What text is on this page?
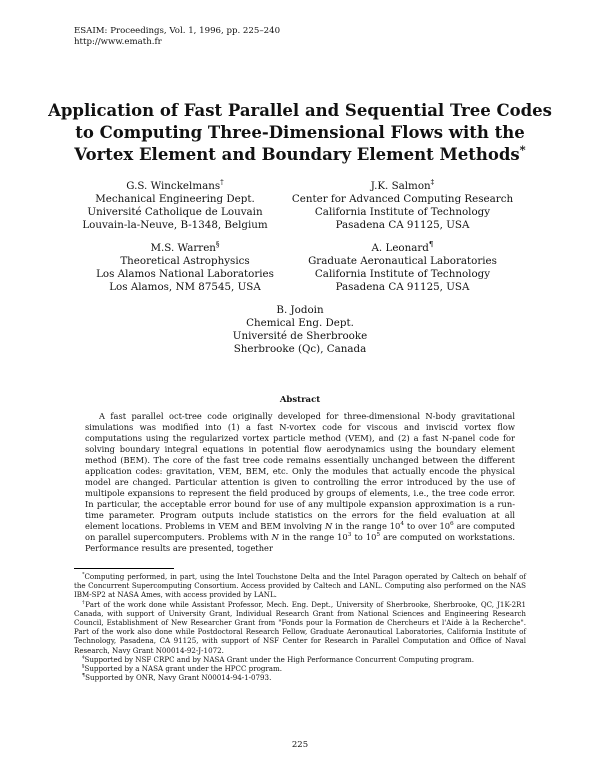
ESAIM: Proceedings, Vol. 1, 1996, pp. 225–240
http://www.emath.fr
Application of Fast Parallel and Sequential Tree Codes
to Computing Three-Dimensional Flows with the
Vortex Element and Boundary Element Methods*
G.S. Winckelmans†
Mechanical Engineering Dept.
Université Catholique de Louvain
Louvain-la-Neuve, B-1348, Belgium
J.K. Salmon‡
Center for Advanced Computing Research
California Institute of Technology
Pasadena CA 91125, USA
M.S. Warren§
Theoretical Astrophysics
Los Alamos National Laboratories
Los Alamos, NM 87545, USA
A. Leonard¶
Graduate Aeronautical Laboratories
California Institute of Technology
Pasadena CA 91125, USA
B. Jodoin
Chemical Eng. Dept.
Université de Sherbrooke
Sherbrooke (Qc), Canada
Abstract

A fast parallel oct-tree code originally developed for three-dimensional N-body gravitational simulations was modified into (1) a fast N-vortex code for viscous and inviscid vortex flow computations using the regularized vortex particle method (VEM), and (2) a fast N-panel code for solving boundary integral equations in potential flow aerodynamics using the boundary element method (BEM). The core of the fast tree code remains essentially unchanged between the different application codes: gravitation, VEM, BEM, etc. Only the modules that actually encode the physical model are changed. Particular attention is given to controlling the error introduced by the use of multipole expansions to represent the field produced by groups of elements, i.e., the tree code error. In particular, the acceptable error bound for use of any multipole expansion approximation is a run-time parameter. Program outputs include statistics on the errors for the field evaluation at all element locations. Problems in VEM and BEM involving N in the range $10^4$ to over $10^6$ are computed on parallel supercomputers. Problems with N in the range $10^3$ to $10^5$ are computed on workstations. Performance results are presented, together

*Computing performed, in part, using the Intel Touchstone Delta and the Intel Paragon operated by Caltech on behalf of the Concurrent Supercomputing Consortium. Access provided by Caltech and LANL. Computing also performed on the NAS IBM-SP2 at NASA Ames, with access provided by LANL.

†Part of the work done while Assistant Professor, Mech. Eng. Dept., University of Sherbrooke, Sherbrooke, QC, J1K-2R1 Canada, with support of University Grant, Individual Research Grant from National Sciences and Engineering Research Council, Establishment of New Researcher Grant from "Fonds pour la Formation de Chercheurs et l'Aide à la Recherche". Part of the work also done while Postdoctoral Research Fellow, Graduate Aeronautical Laboratories, California Institute of Technology, Pasadena, CA 91125, with support of NSF Center for Research in Parallel Computation and Office of Naval Research, Navy Grant N00014-92-J-1072.

‡Supported by NSF CRPC and by NASA Grant under the High Performance Concurrent Computing program.

§Supported by a NASA grant under the HPCC program.

¶Supported by ONR, Navy Grant N00014-94-1-0793.

225
